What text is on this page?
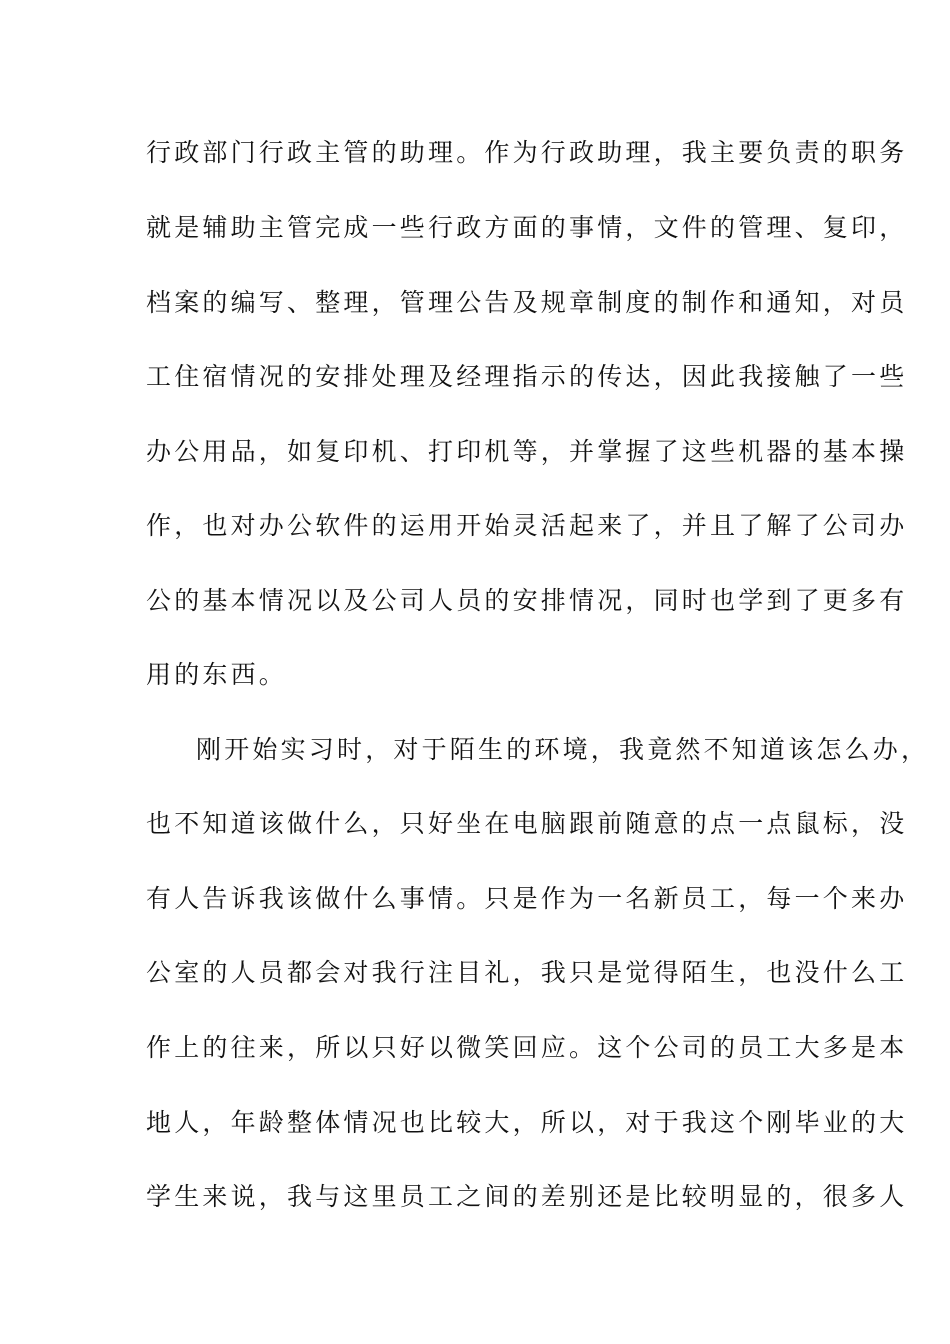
行政部门行政主管的助理。作为行政助理，我主要负责的职务
就是辅助主管完成一些行政方面的事情，文件的管理、复印，
档案的编写、整理，管理公告及规章制度的制作和通知，对员
工住宿情况的安排处理及经理指示的传达，因此我接触了一些
办公用品，如复印机、打印机等，并掌握了这些机器的基本操
作，也对办公软件的运用开始灵活起来了，并且了解了公司办
公的基本情况以及公司人员的安排情况，同时也学到了更多有
用的东西。
刚开始实习时，对于陌生的环境，我竟然不知道该怎么办，
也不知道该做什么，只好坐在电脑跟前随意的点一点鼠标，没
有人告诉我该做什么事情。只是作为一名新员工，每一个来办
公室的人员都会对我行注目礼，我只是觉得陌生，也没什么工
作上的往来，所以只好以微笑回应。这个公司的员工大多是本
地人，年龄整体情况也比较大，所以，对于我这个刚毕业的大
学生来说，我与这里员工之间的差别还是比较明显的，很多人
